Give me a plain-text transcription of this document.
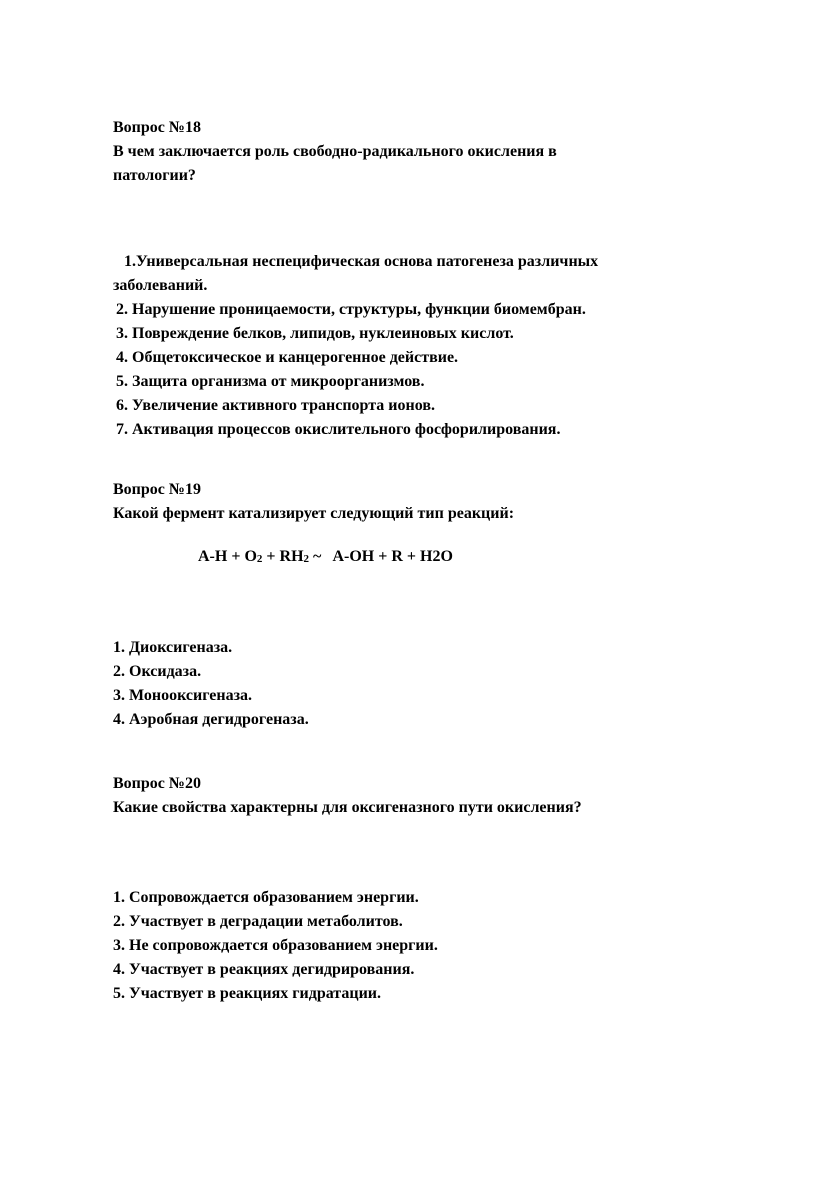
Вопрос №18
В чем заключается роль свободно-радикального окисления в
патологии?
1.Универсальная неспецифическая основа патогенеза различных
заболеваний.
2. Нарушение проницаемости, структуры, функции биомембран.
3. Повреждение белков, липидов, нуклеиновых кислот.
4. Общетоксическое и канцерогенное действие.
5. Защита организма от микроорганизмов.
6. Увеличение активного транспорта ионов.
7. Активация процессов окислительного фосфорилирования.
Вопрос №19
Какой фермент катализирует следующий тип реакций:
$A-H + O_2 + RH_2$ ~   A-OH + R + H2O
1. Диоксигеназа.
2. Оксидаза.
3. Монооксигеназа.
4. Аэробная дегидрогеназа.
Вопрос №20
Какие свойства характерны для оксигеназного пути окисления?
1. Сопровождается образованием энергии.
2. Участвует в деградации метаболитов.
3. Не сопровождается образованием энергии.
4. Участвует в реакциях дегидрирования.
5. Участвует в реакциях гидратации.
